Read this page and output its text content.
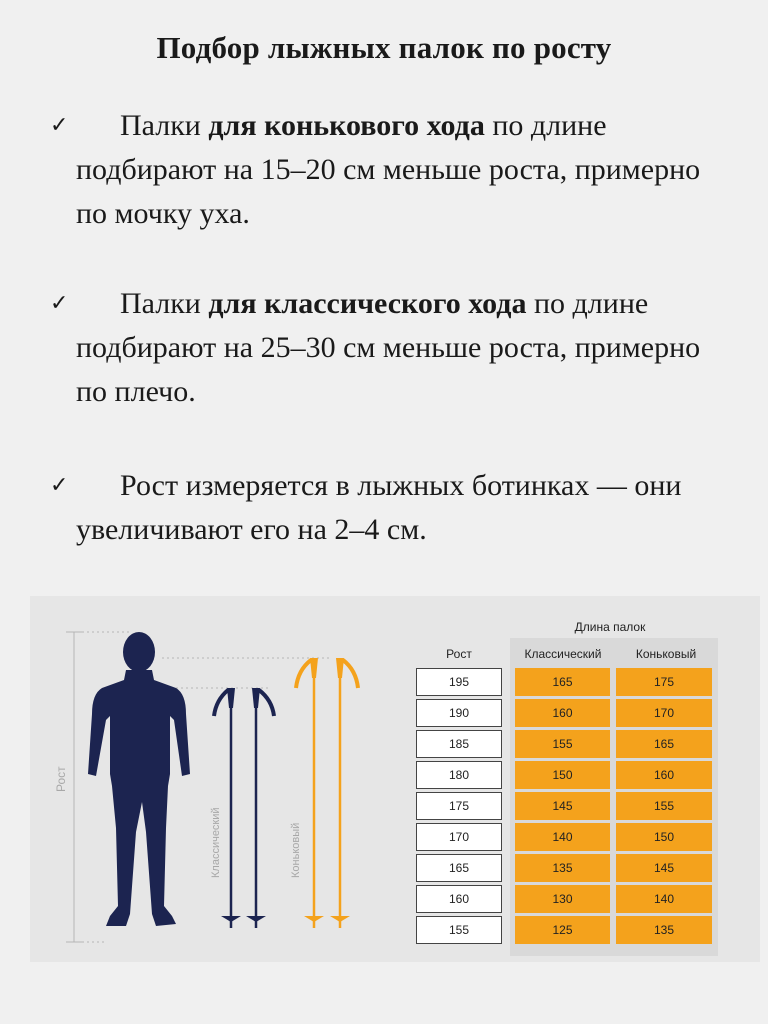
Подбор лыжных палок по росту
✓ Палки для конькового хода по длине подбирают на 15–20 см меньше роста, примерно по мочку уха.
✓ Палки для классического хода по длине подбирают на 25–30 см меньше роста, примерно по плечо.
✓ Рост измеряется в лыжных ботинках — они увеличивают его на 2–4 см.
Рост
Классический	Коньковый
Длина палок
Рост	Классический	Коньковый
195	165	175
190	160	170
185	155	165
180	150	160
175	145	155
170	140	150
165	135	145
160	130	140
155	125	135
